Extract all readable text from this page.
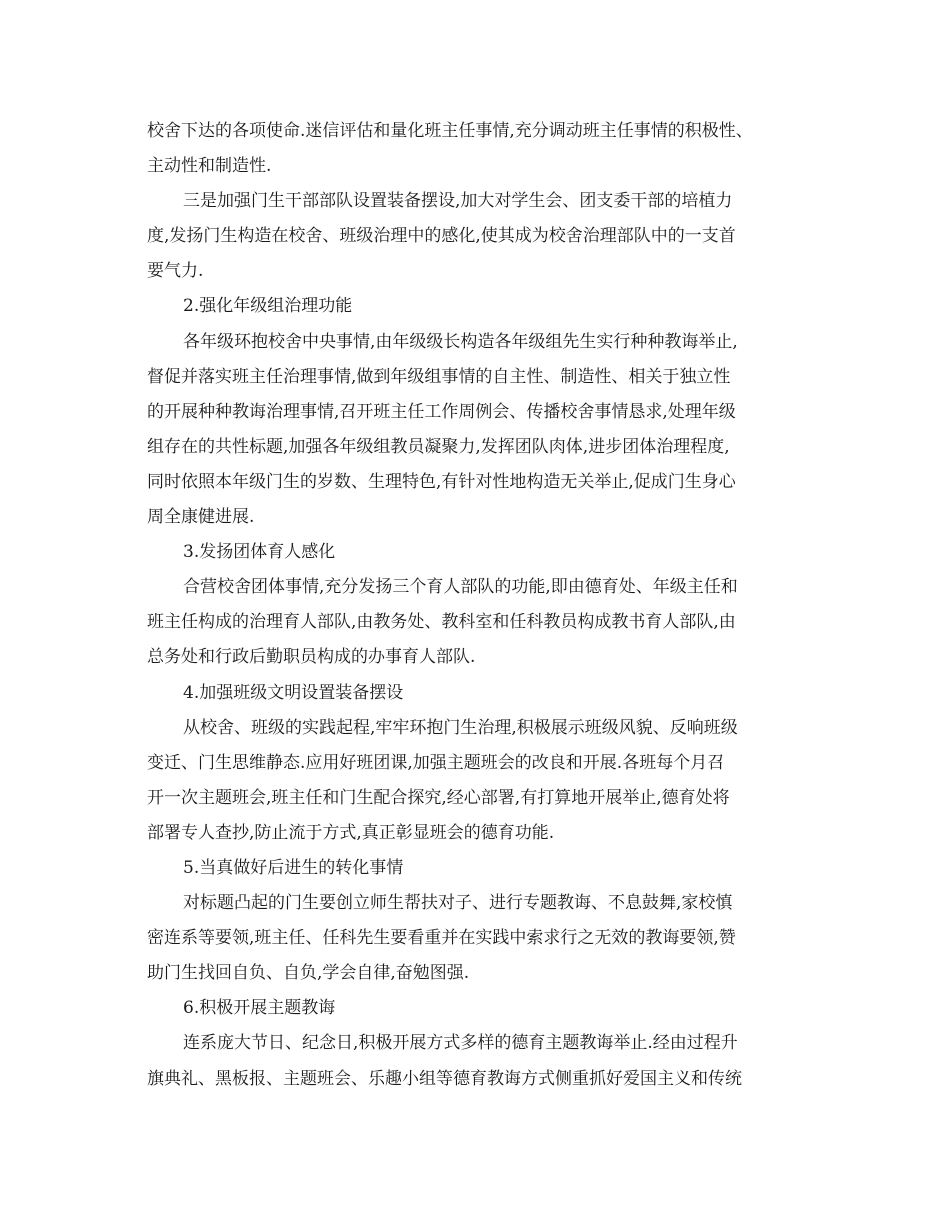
校舍下达的各项使命.迷信评估和量化班主任事情,充分调动班主任事情的积极性、
主动性和制造性.
三是加强门生干部部队设置装备摆设,加大对学生会、团支委干部的培植力
度,发扬门生构造在校舍、班级治理中的感化,使其成为校舍治理部队中的一支首
要气力.
2.强化年级组治理功能
各年级环抱校舍中央事情,由年级级长构造各年级组先生实行种种教诲举止,
督促并落实班主任治理事情,做到年级组事情的自主性、制造性、相关于独立性
的开展种种教诲治理事情,召开班主任工作周例会、传播校舍事情恳求,处理年级
组存在的共性标题,加强各年级组教员凝聚力,发挥团队肉体,进步团体治理程度,
同时依照本年级门生的岁数、生理特色,有针对性地构造无关举止,促成门生身心
周全康健进展.
3.发扬团体育人感化
合营校舍团体事情,充分发扬三个育人部队的功能,即由德育处、年级主任和
班主任构成的治理育人部队,由教务处、教科室和任科教员构成教书育人部队,由
总务处和行政后勤职员构成的办事育人部队.
4.加强班级文明设置装备摆设
从校舍、班级的实践起程,牢牢环抱门生治理,积极展示班级风貌、反响班级
变迁、门生思维静态.应用好班团课,加强主题班会的改良和开展.各班每个月召
开一次主题班会,班主任和门生配合探究,经心部署,有打算地开展举止,德育处将
部署专人查抄,防止流于方式,真正彰显班会的德育功能.
5.当真做好后进生的转化事情
对标题凸起的门生要创立师生帮扶对子、进行专题教诲、不息鼓舞,家校慎
密连系等要领,班主任、任科先生要看重并在实践中索求行之无效的教诲要领,赞
助门生找回自负、自负,学会自律,奋勉图强.
6.积极开展主题教诲
连系庞大节日、纪念日,积极开展方式多样的德育主题教诲举止.经由过程升
旗典礼、黑板报、主题班会、乐趣小组等德育教诲方式侧重抓好爱国主义和传统
